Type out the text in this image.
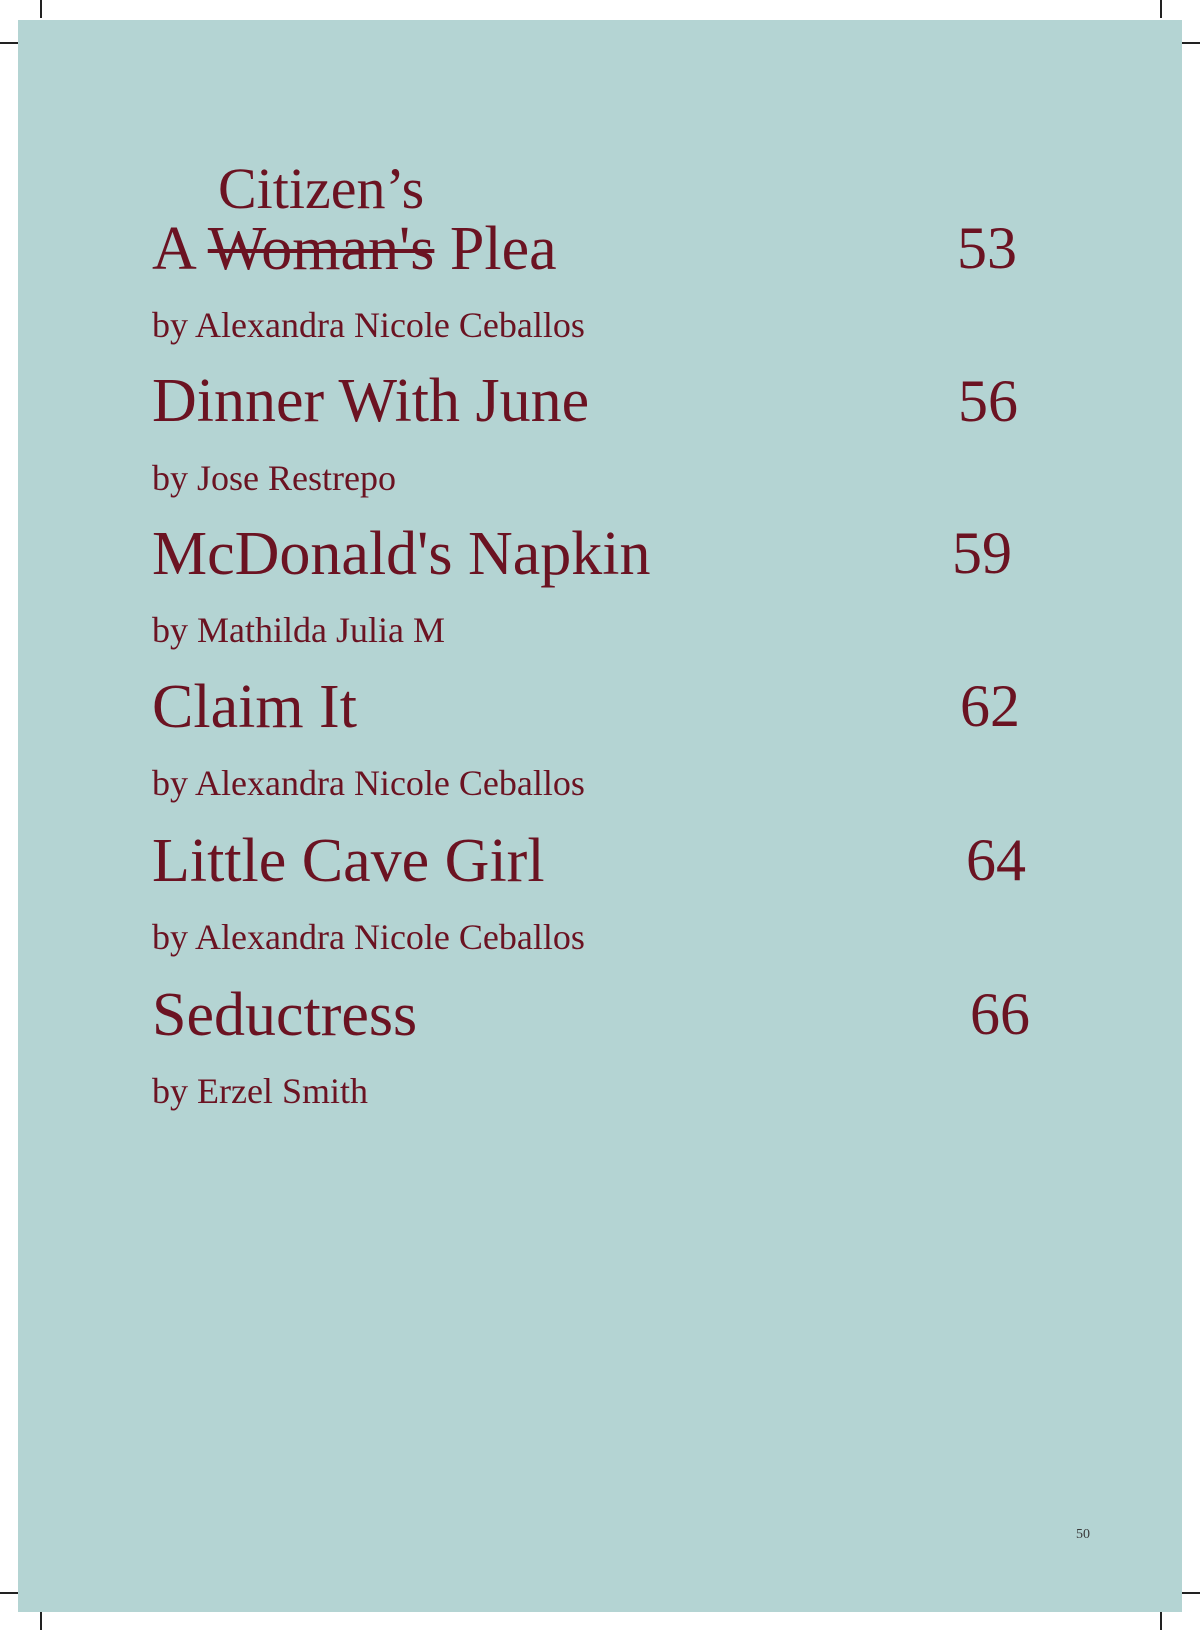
Citizen’s
A Woman's Plea	53
by Alexandra Nicole Ceballos
Dinner With June	56
by Jose Restrepo
McDonald's Napkin	59
by Mathilda Julia M
Claim It	62
by Alexandra Nicole Ceballos
Little Cave Girl	64
by Alexandra Nicole Ceballos
Seductress	66
by Erzel Smith
50
